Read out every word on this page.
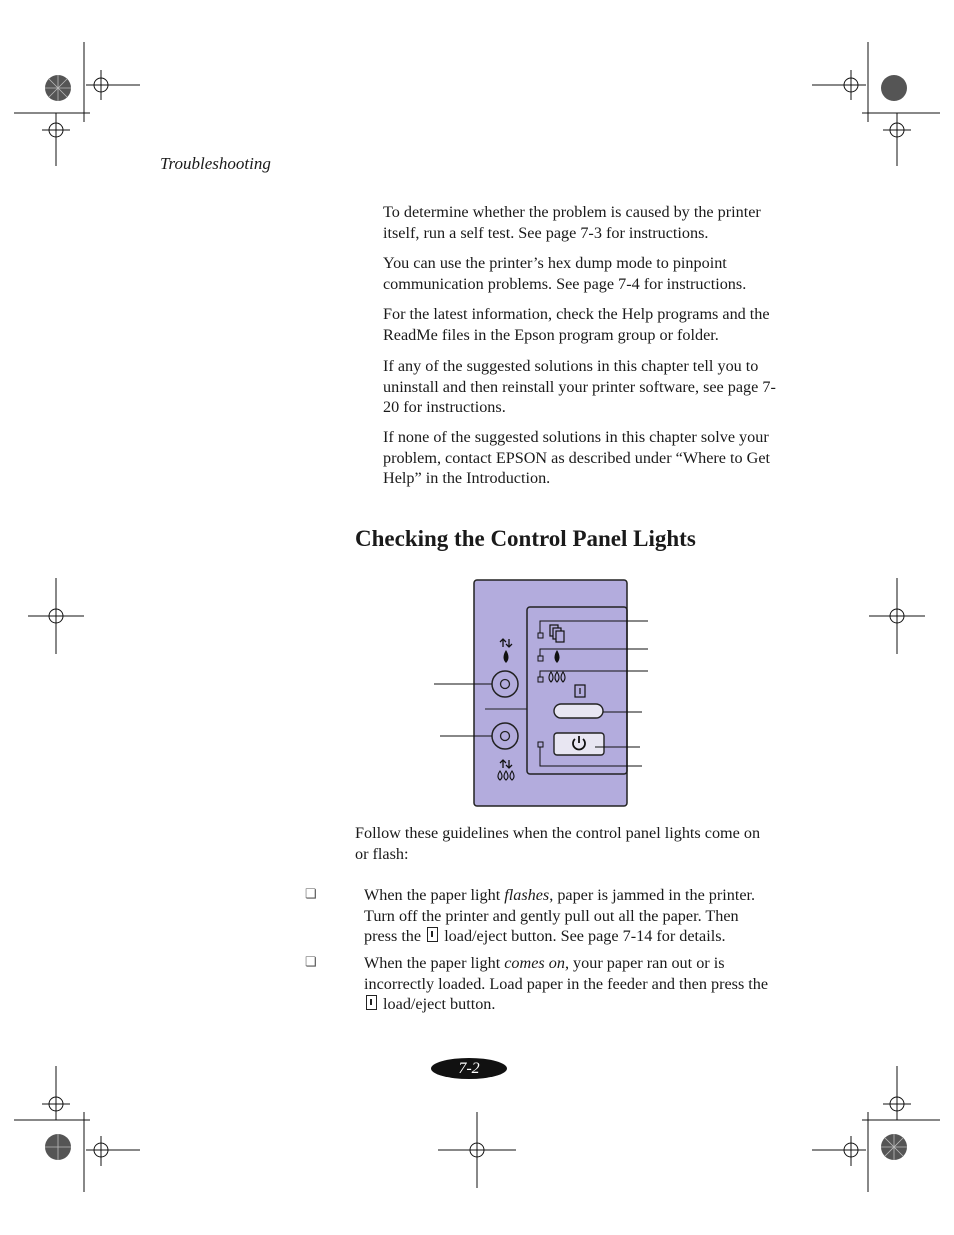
Troubleshooting

To determine whether the problem is caused by the printer itself, run a self test. See page 7-3 for instructions.

You can use the printer’s hex dump mode to pinpoint communication problems. See page 7-4 for instructions.

For the latest information, check the Help programs and the ReadMe files in the Epson program group or folder.

If any of the suggested solutions in this chapter tell you to uninstall and then reinstall your printer software, see page 7-20 for instructions.

If none of the suggested solutions in this chapter solve your problem, contact EPSON as described under “Where to Get Help” in the Introduction.

Checking the Control Panel Lights

Follow these guidelines when the control panel lights come on or flash:

❏	When the paper light flashes, paper is jammed in the printer. Turn off the printer and gently pull out all the paper. Then press the load/eject button. See page 7-14 for details.

❏	When the paper light comes on, your paper ran out or is incorrectly loaded. Load paper in the feeder and then press the  load/eject button.

7-2
